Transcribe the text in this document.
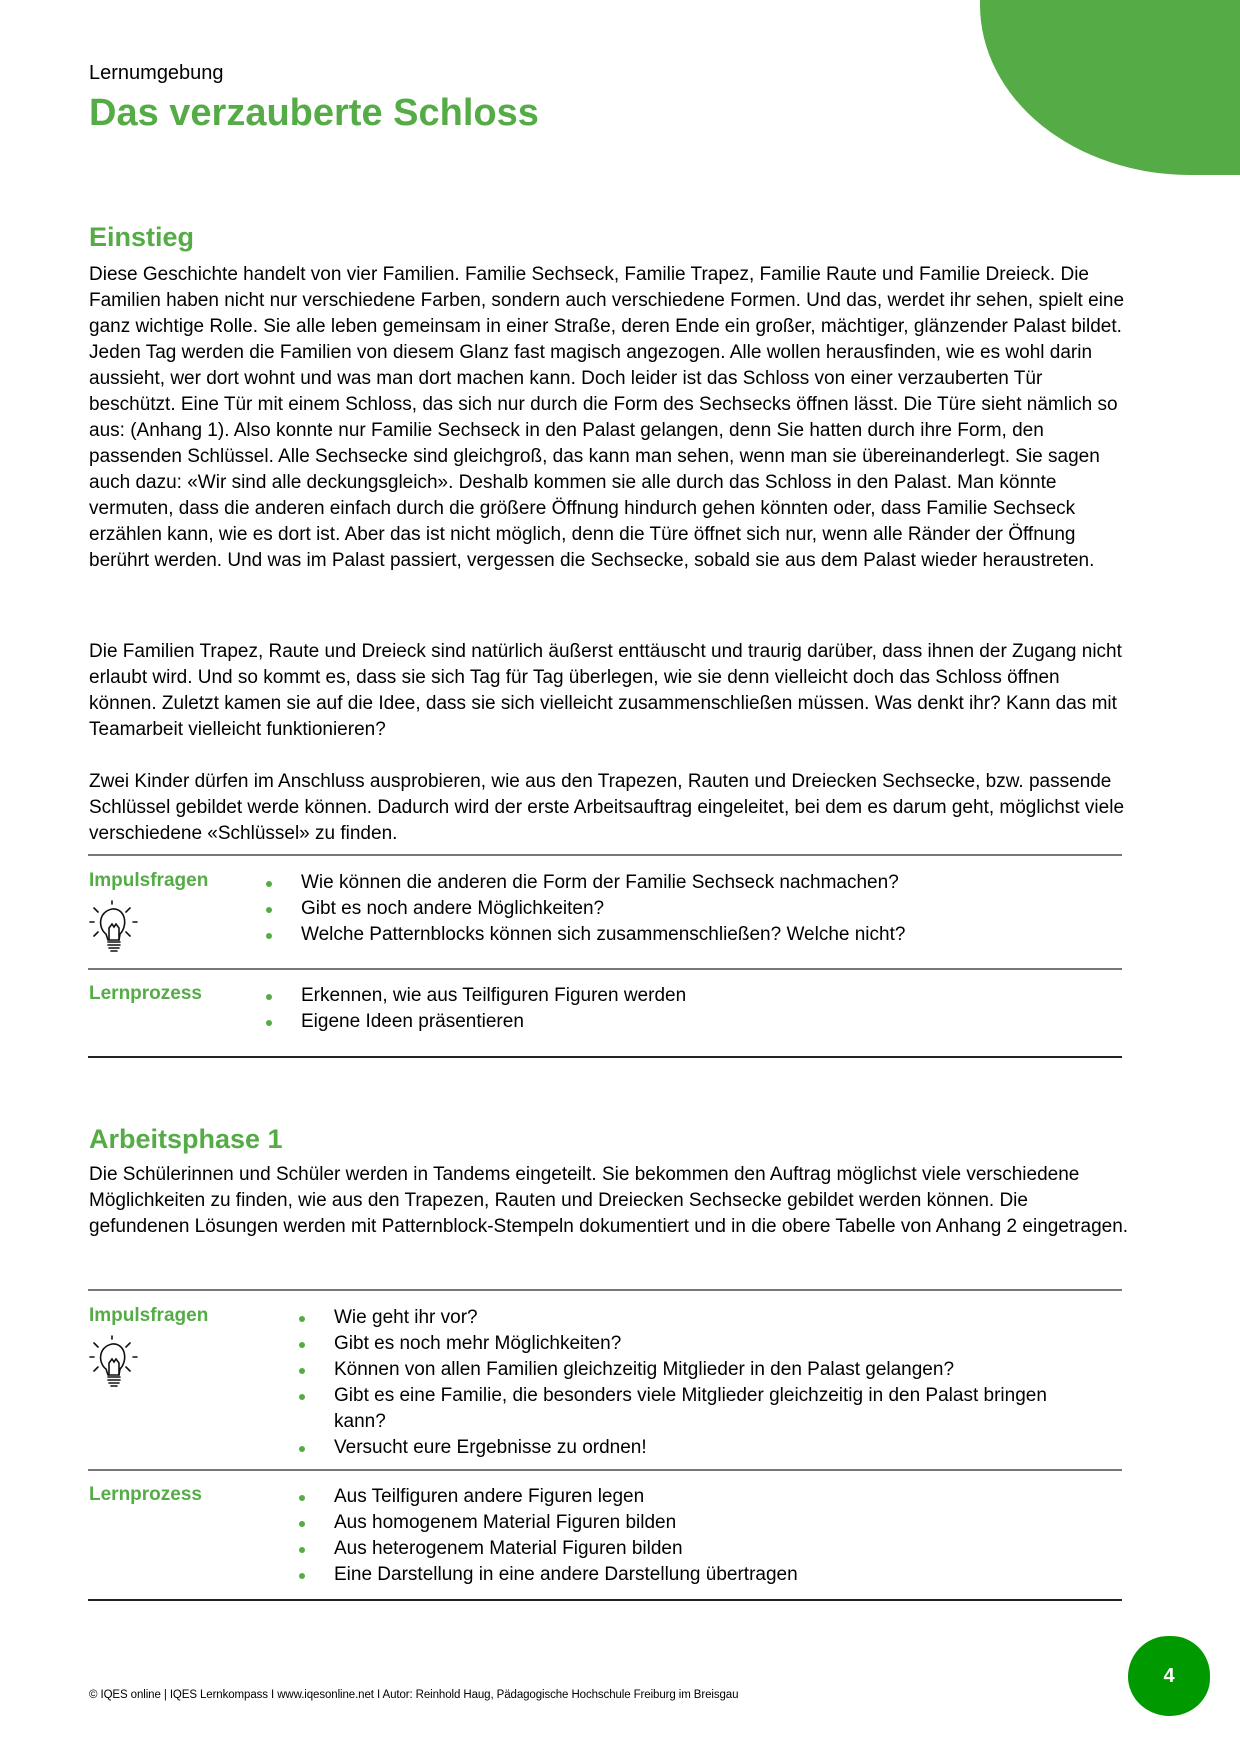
Lernumgebung
Das verzauberte Schloss
Einstieg

Diese Geschichte handelt von vier Familien. Familie Sechseck, Familie Trapez, Familie Raute und Familie Dreieck. Die Familien haben nicht nur verschiedene Farben, sondern auch verschiedene Formen. Und das, werdet ihr sehen, spielt eine ganz wichtige Rolle. Sie alle leben gemeinsam in einer Straße, deren Ende ein großer, mächtiger, glänzender Palast bildet. Jeden Tag werden die Familien von diesem Glanz fast magisch angezogen. Alle wollen herausfinden, wie es wohl darin aussieht, wer dort wohnt und was man dort machen kann. Doch leider ist das Schloss von einer verzauberten Tür beschützt. Eine Tür mit einem Schloss, das sich nur durch die Form des Sechsecks öffnen lässt. Die Türe sieht nämlich so aus: (Anhang 1). Also konnte nur Familie Sechseck in den Palast gelangen, denn Sie hatten durch ihre Form, den passenden Schlüssel. Alle Sechsecke sind gleichgroß, das kann man sehen, wenn man sie übereinanderlegt. Sie sagen auch dazu: «Wir sind alle deckungsgleich». Deshalb kommen sie alle durch das Schloss in den Palast. Man könnte vermuten, dass die anderen einfach durch die größere Öffnung hindurch gehen könnten oder, dass Familie Sechseck erzählen kann, wie es dort ist. Aber das ist nicht möglich, denn die Türe öffnet sich nur, wenn alle Ränder der Öffnung berührt werden. Und was im Palast passiert, vergessen die Sechsecke, sobald sie aus dem Palast wieder heraustreten.

Die Familien Trapez, Raute und Dreieck sind natürlich äußerst enttäuscht und traurig darüber, dass ihnen der Zugang nicht erlaubt wird. Und so kommt es, dass sie sich Tag für Tag überlegen, wie sie denn vielleicht doch das Schloss öffnen können. Zuletzt kamen sie auf die Idee, dass sie sich vielleicht zusammenschließen müssen. Was denkt ihr? Kann das mit Teamarbeit vielleicht funktionieren?

Zwei Kinder dürfen im Anschluss ausprobieren, wie aus den Trapezen, Rauten und Dreiecken Sechsecke, bzw. passende Schlüssel gebildet werde können. Dadurch wird der erste Arbeitsauftrag eingeleitet, bei dem es darum geht, möglichst viele verschiedene «Schlüssel» zu finden.

Impulsfragen	Wie können die anderen die Form der Familie Sechseck nachmachen?
Gibt es noch andere Möglichkeiten?
Welche Patternblocks können sich zusammenschließen? Welche nicht?
Lernprozess	Erkennen, wie aus Teilfiguren Figuren werden
Eigene Ideen präsentieren
Arbeitsphase 1

Die Schülerinnen und Schüler werden in Tandems eingeteilt. Sie bekommen den Auftrag möglichst viele verschiedene Möglichkeiten zu finden, wie aus den Trapezen, Rauten und Dreiecken Sechsecke gebildet werden können. Die gefundenen Lösungen werden mit Patternblock-Stempeln dokumentiert und in die obere Tabelle von Anhang 2 eingetragen.

Impulsfragen	Wie geht ihr vor?
Gibt es noch mehr Möglichkeiten?
Können von allen Familien gleichzeitig Mitglieder in den Palast gelangen?
Gibt es eine Familie, die besonders viele Mitglieder gleichzeitig in den Palast bringen kann?
Versucht eure Ergebnisse zu ordnen!
Lernprozess	Aus Teilfiguren andere Figuren legen
Aus homogenem Material Figuren bilden
Aus heterogenem Material Figuren bilden
Eine Darstellung in eine andere Darstellung übertragen
© IQES online | IQES Lernkompass I www.iqesonline.net I Autor: Reinhold Haug, Pädagogische Hochschule Freiburg im Breisgau
4
